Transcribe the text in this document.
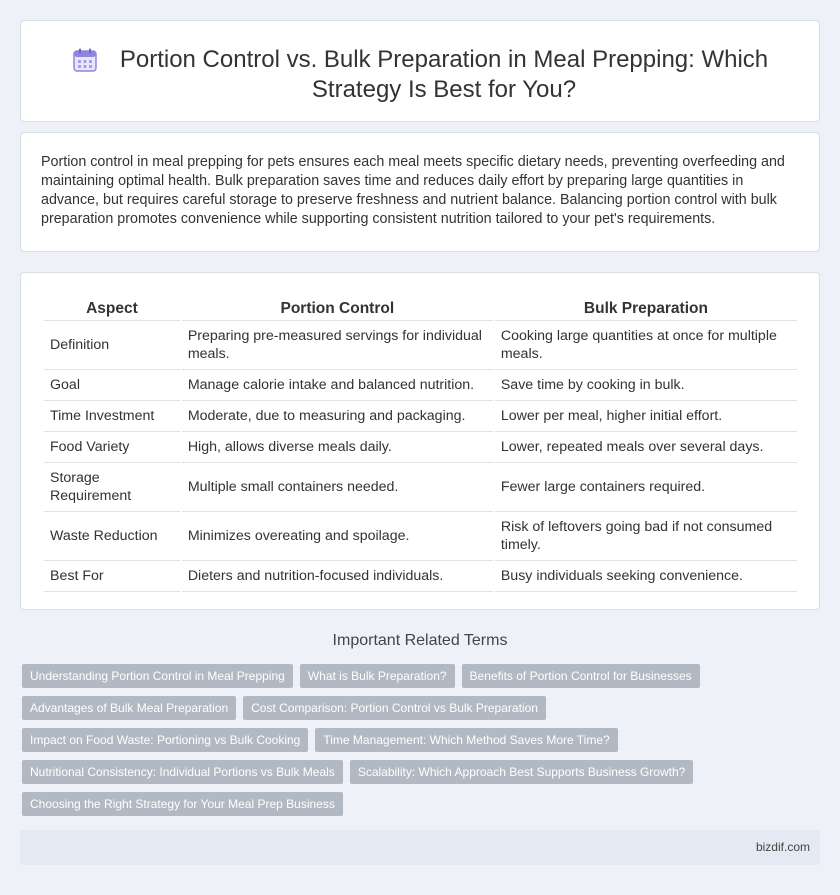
Portion Control vs. Bulk Preparation in Meal Prepping: Which
Strategy Is Best for You?

Portion control in meal prepping for pets ensures each meal meets specific dietary needs, preventing overfeeding and maintaining optimal health. Bulk preparation saves time and reduces daily effort by preparing large quantities in advance, but requires careful storage to preserve freshness and nutrient balance. Balancing portion control with bulk preparation promotes convenience while supporting consistent nutrition tailored to your pet's requirements.

Aspect	Portion Control	Bulk Preparation
Definition	Preparing pre-measured servings for individual meals.	Cooking large quantities at once for multiple meals.
Goal	Manage calorie intake and balanced nutrition.	Save time by cooking in bulk.
Time Investment	Moderate, due to measuring and packaging.	Lower per meal, higher initial effort.
Food Variety	High, allows diverse meals daily.	Lower, repeated meals over several days.
Storage Requirement	Multiple small containers needed.	Fewer large containers required.
Waste Reduction	Minimizes overeating and spoilage.	Risk of leftovers going bad if not consumed timely.
Best For	Dieters and nutrition-focused individuals.	Busy individuals seeking convenience.
Important Related Terms
Understanding Portion Control in Meal Prepping	What is Bulk Preparation?	Benefits of Portion Control for Businesses
Advantages of Bulk Meal Preparation	Cost Comparison: Portion Control vs Bulk Preparation
Impact on Food Waste: Portioning vs Bulk Cooking	Time Management: Which Method Saves More Time?
Nutritional Consistency: Individual Portions vs Bulk Meals	Scalability: Which Approach Best Supports Business Growth?
Choosing the Right Strategy for Your Meal Prep Business
bizdif.com
